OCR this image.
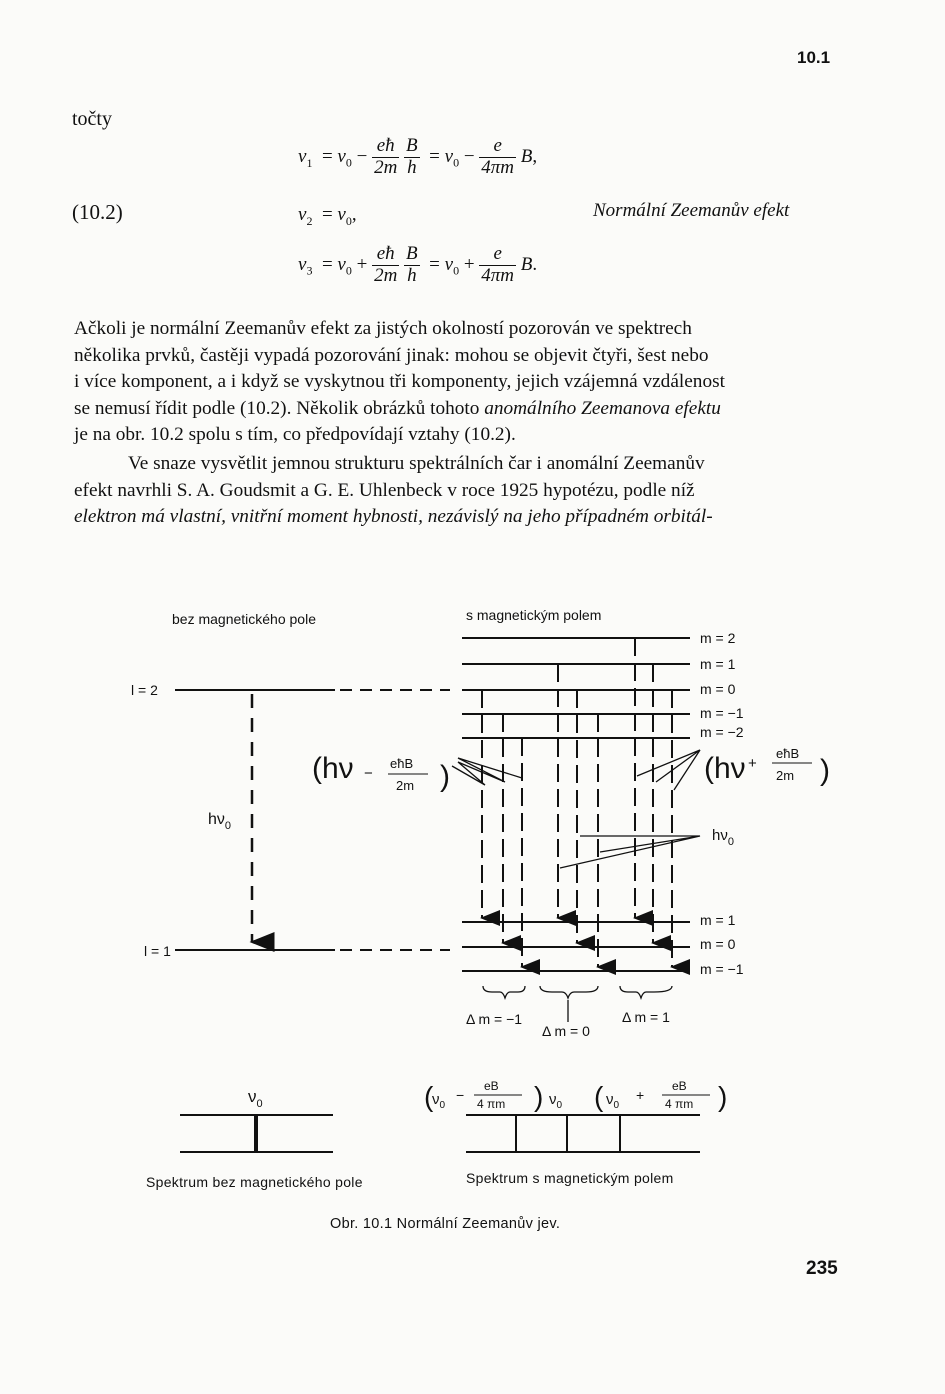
10.1
točty
$\nu_1 = \nu_0 - \frac{eħ}{2m}$
$\frac{B}{h} = \nu_0 - \frac{e}{4\pi m} B$,
(10.2)	$\nu_2 = \nu_0$,	Normální Zeemanův efekt
$\nu_3 = \nu_0 + \frac{eħ}{2m}$
$\frac{B}{h} = \nu_0 + \frac{e}{4\pi m} B$.
Ačkoli je normální Zeemanův efekt za jistých okolností pozorován ve spektrech
několika prvků, častěji vypadá pozorování jinak: mohou se objevit čtyři, šest nebo
i více komponent, a i když se vyskytnou tři komponenty, jejich vzájemná vzdálenost
se nemusí řídit podle (10.2). Několik obrázků tohoto anomálního Zeemanova efektu
je na obr. 10.2 spolu s tím, co předpovídají vztahy (10.2).
Ve snaze vysvětlit jemnou strukturu spektrálních čar i anomální Zeemanův
efekt navrhli S. A. Goudsmit a G. E. Uhlenbeck v roce 1925 hypotézu, podle níž
elektron má vlastní, vnitřní moment hybnosti, nezávislý na jeho případném orbitál-
bez magnetického pole	s magnetickým polem
l = 2
l = 1
$h\nu_0$
m = 2
m = 1
m = 0
m = −1
m = −2
m = 1
m = 0
m = −1
(hν
  −
eħB
2m )	(hν +
eħB
2m )
$h\nu_0$
Δ m = −1
Δ m = 0
Δ m = 1
$\nu_0$	(
$\nu_0$
−
eB
4 πm ) $\nu_0$ ( $\nu_0$
+
eB
4 πm )
Spektrum bez magnetického pole	Spektrum s magnetickým polem
Obr. 10.1 Normální Zeemanův jev.
235
